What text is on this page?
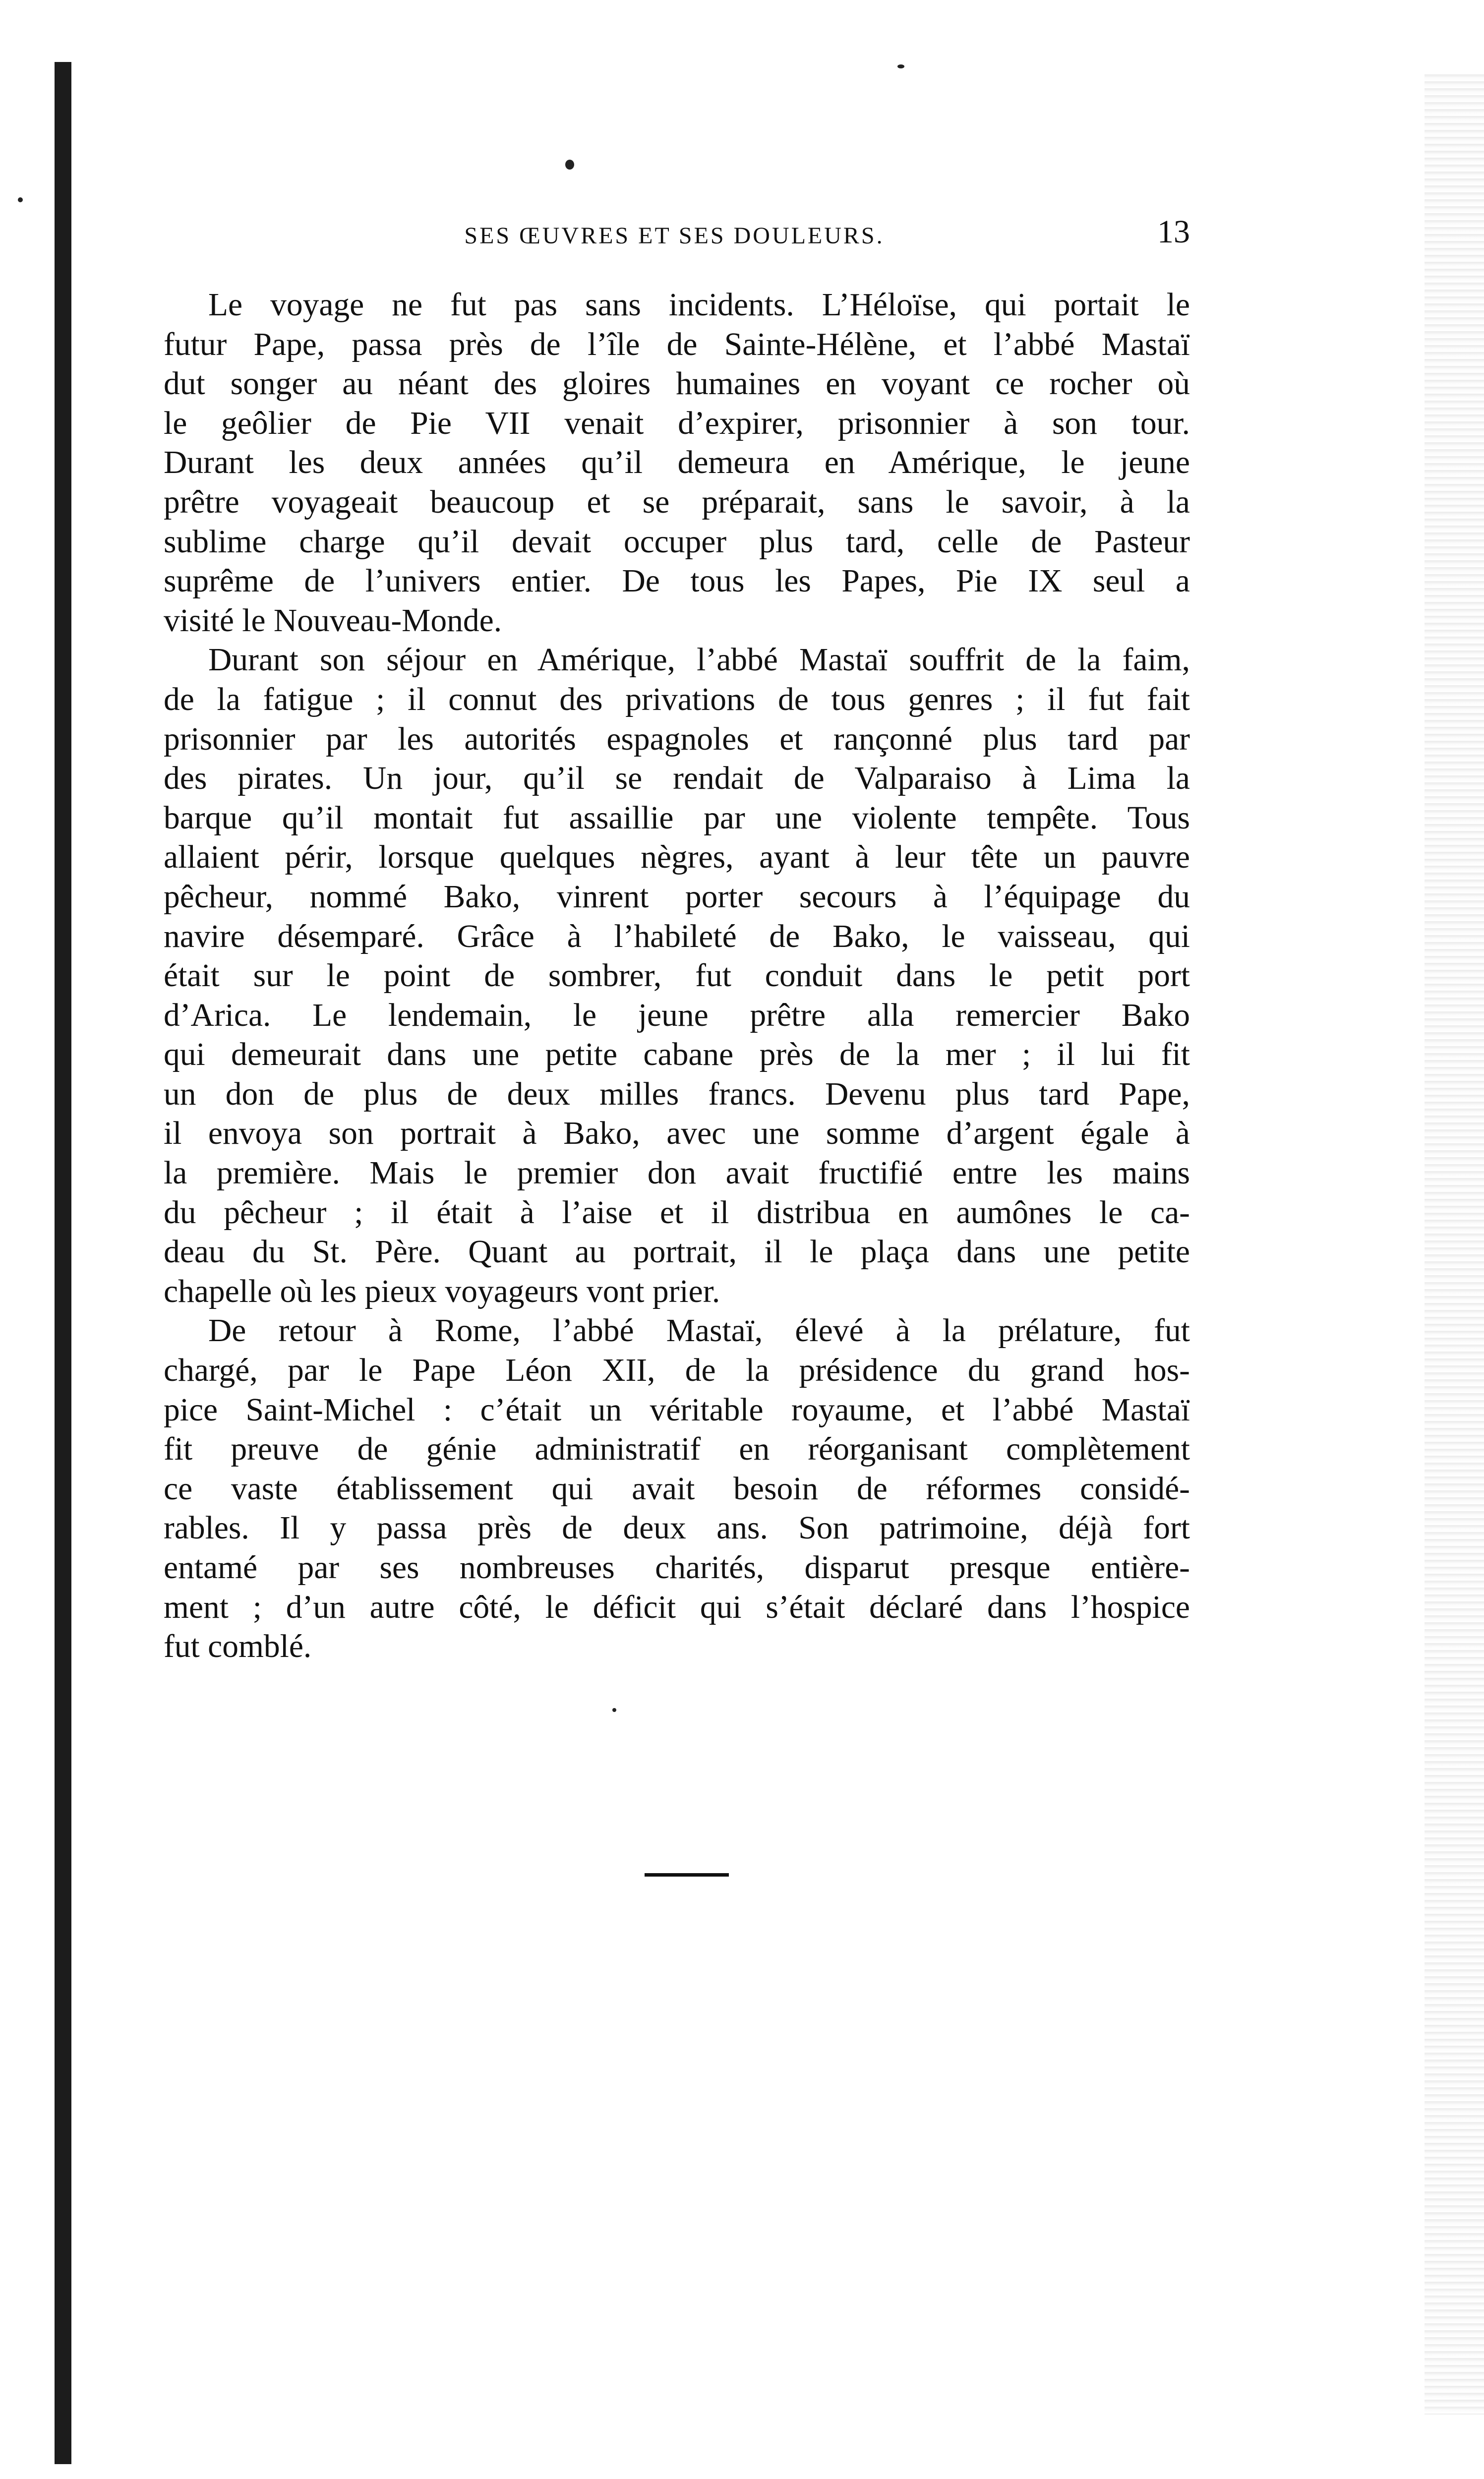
SES ŒUVRES ET SES DOULEURS.	13
Le voyage ne fut pas sans incidents. L’Héloïse, qui portait le
futur Pape, passa près de l’île de Sainte-Hélène, et l’abbé Mastaï
dut songer au néant des gloires humaines en voyant ce rocher où
le geôlier de Pie VII venait d’expirer, prisonnier à son tour.
Durant les deux années qu’il demeura en Amérique, le jeune
prêtre voyageait beaucoup et se préparait, sans le savoir, à la
sublime charge qu’il devait occuper plus tard, celle de Pasteur
suprême de l’univers entier. De tous les Papes, Pie IX seul a
visité le Nouveau-Monde.
Durant son séjour en Amérique, l’abbé Mastaï souffrit de la faim,
de la fatigue ; il connut des privations de tous genres ; il fut fait
prisonnier par les autorités espagnoles et rançonné plus tard par
des pirates. Un jour, qu’il se rendait de Valparaiso à Lima la
barque qu’il montait fut assaillie par une violente tempête. Tous
allaient périr, lorsque quelques nègres, ayant à leur tête un pauvre
pêcheur, nommé Bako, vinrent porter secours à l’équipage du
navire désemparé. Grâce à l’habileté de Bako, le vaisseau, qui
était sur le point de sombrer, fut conduit dans le petit port
d’Arica. Le lendemain, le jeune prêtre alla remercier Bako
qui demeurait dans une petite cabane près de la mer ; il lui fit
un don de plus de deux milles francs. Devenu plus tard Pape,
il envoya son portrait à Bako, avec une somme d’argent égale à
la première. Mais le premier don avait fructifié entre les mains
du pêcheur ; il était à l’aise et il distribua en aumônes le ca-
deau du St. Père. Quant au portrait, il le plaça dans une petite
chapelle où les pieux voyageurs vont prier.
De retour à Rome, l’abbé Mastaï, élevé à la prélature, fut
chargé, par le Pape Léon XII, de la présidence du grand hos-
pice Saint-Michel : c’était un véritable royaume, et l’abbé Mastaï
fit preuve de génie administratif en réorganisant complètement
ce vaste établissement qui avait besoin de réformes considé-
rables. Il y passa près de deux ans. Son patrimoine, déjà fort
entamé par ses nombreuses charités, disparut presque entière-
ment ; d’un autre côté, le déficit qui s’était déclaré dans l’hospice
fut comblé.
